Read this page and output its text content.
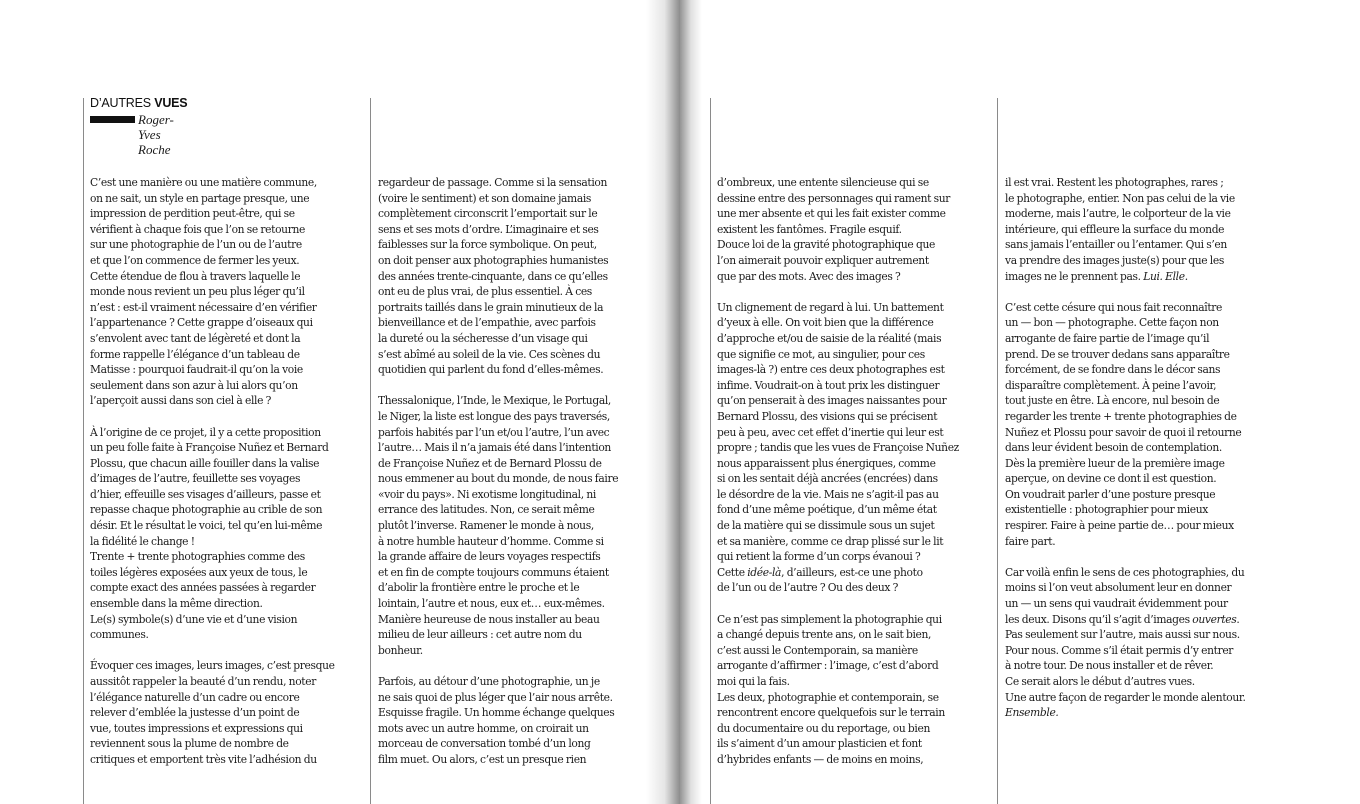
D’AUTRES VUES
Roger-Yves Roche

C’est une manière ou une matière commune,

on ne sait, un style en partage presque, une

impression de perdition peut-être, qui se

vérifient à chaque fois que l’on se retourne

sur une photographie de l’un ou de l’autre

et que l’on commence de fermer les yeux.

Cette étendue de flou à travers laquelle le

monde nous revient un peu plus léger qu’il

n’est : est-il vraiment nécessaire d’en vérifier

l’appartenance ? Cette grappe d’oiseaux qui

s’envolent avec tant de légèreté et dont la

forme rappelle l’élégance d’un tableau de

Matisse : pourquoi faudrait-il qu’on la voie

seulement dans son azur à lui alors qu’on

l’aperçoit aussi dans son ciel à elle ?

À l’origine de ce projet, il y a cette proposition

un peu folle faite à Françoise Nuñez et Bernard

Plossu, que chacun aille fouiller dans la valise

d’images de l’autre, feuillette ses voyages

d’hier, effeuille ses visages d’ailleurs, passe et

repasse chaque photographie au crible de son

désir. Et le résultat le voici, tel qu’en lui-même

la fidélité le change !

Trente + trente photographies comme des

toiles légères exposées aux yeux de tous, le

compte exact des années passées à regarder

ensemble dans la même direction.

Le(s) symbole(s) d’une vie et d’une vision

communes.

Évoquer ces images, leurs images, c’est presque

aussitôt rappeler la beauté d’un rendu, noter

l’élégance naturelle d’un cadre ou encore

relever d’emblée la justesse d’un point de

vue, toutes impressions et expressions qui

reviennent sous la plume de nombre de

critiques et emportent très vite l’adhésion du

regardeur de passage. Comme si la sensation

(voire le sentiment) et son domaine jamais

complètement circonscrit l’emportait sur le

sens et ses mots d’ordre. L’imaginaire et ses

faiblesses sur la force symbolique. On peut,

on doit penser aux photographies humanistes

des années trente-cinquante, dans ce qu’elles

ont eu de plus vrai, de plus essentiel. À ces

portraits taillés dans le grain minutieux de la

bienveillance et de l’empathie, avec parfois

la dureté ou la sécheresse d’un visage qui

s’est abîmé au soleil de la vie. Ces scènes du

quotidien qui parlent du fond d’elles-mêmes.

Thessalonique, l’Inde, le Mexique, le Portugal,

le Niger, la liste est longue des pays traversés,

parfois habités par l’un et/ou l’autre, l’un avec

l’autre… Mais il n’a jamais été dans l’intention

de Françoise Nuñez et de Bernard Plossu de

nous emmener au bout du monde, de nous faire

«voir du pays». Ni exotisme longitudinal, ni

errance des latitudes. Non, ce serait même

plutôt l’inverse. Ramener le monde à nous,

à notre humble hauteur d’homme. Comme si

la grande affaire de leurs voyages respectifs

et en fin de compte toujours communs étaient

d’abolir la frontière entre le proche et le

lointain, l’autre et nous, eux et… eux-mêmes.

Manière heureuse de nous installer au beau

milieu de leur ailleurs : cet autre nom du

bonheur.

Parfois, au détour d’une photographie, un je

ne sais quoi de plus léger que l’air nous arrête.

Esquisse fragile. Un homme échange quelques

mots avec un autre homme, on croirait un

morceau de conversation tombé d’un long

film muet. Ou alors, c’est un presque rien

d’ombreux, une entente silencieuse qui se

dessine entre des personnages qui rament sur

une mer absente et qui les fait exister comme

existent les fantômes. Fragile esquif.

Douce loi de la gravité photographique que

l’on aimerait pouvoir expliquer autrement

que par des mots. Avec des images ?

Un clignement de regard à lui. Un battement

d’yeux à elle. On voit bien que la différence

d’approche et/ou de saisie de la réalité (mais

que signifie ce mot, au singulier, pour ces

images-là ?) entre ces deux photographes est

infime. Voudrait-on à tout prix les distinguer

qu’on penserait à des images naissantes pour

Bernard Plossu, des visions qui se précisent

peu à peu, avec cet effet d’inertie qui leur est

propre ; tandis que les vues de Françoise Nuñez

nous apparaissent plus énergiques, comme

si on les sentait déjà ancrées (encrées) dans

le désordre de la vie. Mais ne s’agit-il pas au

fond d’une même poétique, d’un même état

de la matière qui se dissimule sous un sujet

et sa manière, comme ce drap plissé sur le lit

qui retient la forme d’un corps évanoui ?

Cette idée-là, d’ailleurs, est-ce une photo

de l’un ou de l’autre ? Ou des deux ?

Ce n’est pas simplement la photographie qui

a changé depuis trente ans, on le sait bien,

c’est aussi le Contemporain, sa manière

arrogante d’affirmer : l’image, c’est d’abord

moi qui la fais.

Les deux, photographie et contemporain, se

rencontrent encore quelquefois sur le terrain

du documentaire ou du reportage, ou bien

ils s’aiment d’un amour plasticien et font

d’hybrides enfants — de moins en moins,

il est vrai. Restent les photographes, rares ;

le photographe, entier. Non pas celui de la vie

moderne, mais l’autre, le colporteur de la vie

intérieure, qui effleure la surface du monde

sans jamais l’entailler ou l’entamer. Qui s’en

va prendre des images juste(s) pour que les

images ne le prennent pas. Lui. Elle.

C’est cette césure qui nous fait reconnaître

un — bon — photographe. Cette façon non

arrogante de faire partie de l’image qu’il

prend. De se trouver dedans sans apparaître

forcément, de se fondre dans le décor sans

disparaître complètement. À peine l’avoir,

tout juste en être. Là encore, nul besoin de

regarder les trente + trente photographies de

Nuñez et Plossu pour savoir de quoi il retourne

dans leur évident besoin de contemplation.

Dès la première lueur de la première image

aperçue, on devine ce dont il est question.

On voudrait parler d’une posture presque

existentielle : photographier pour mieux

respirer. Faire à peine partie de… pour mieux

faire part.

Car voilà enfin le sens de ces photographies, du

moins si l’on veut absolument leur en donner

un — un sens qui vaudrait évidemment pour

les deux. Disons qu’il s’agit d’images ouvertes.

Pas seulement sur l’autre, mais aussi sur nous.

Pour nous. Comme s’il était permis d’y entrer

à notre tour. De nous installer et de rêver.

Ce serait alors le début d’autres vues.

Une autre façon de regarder le monde alentour.

Ensemble.
